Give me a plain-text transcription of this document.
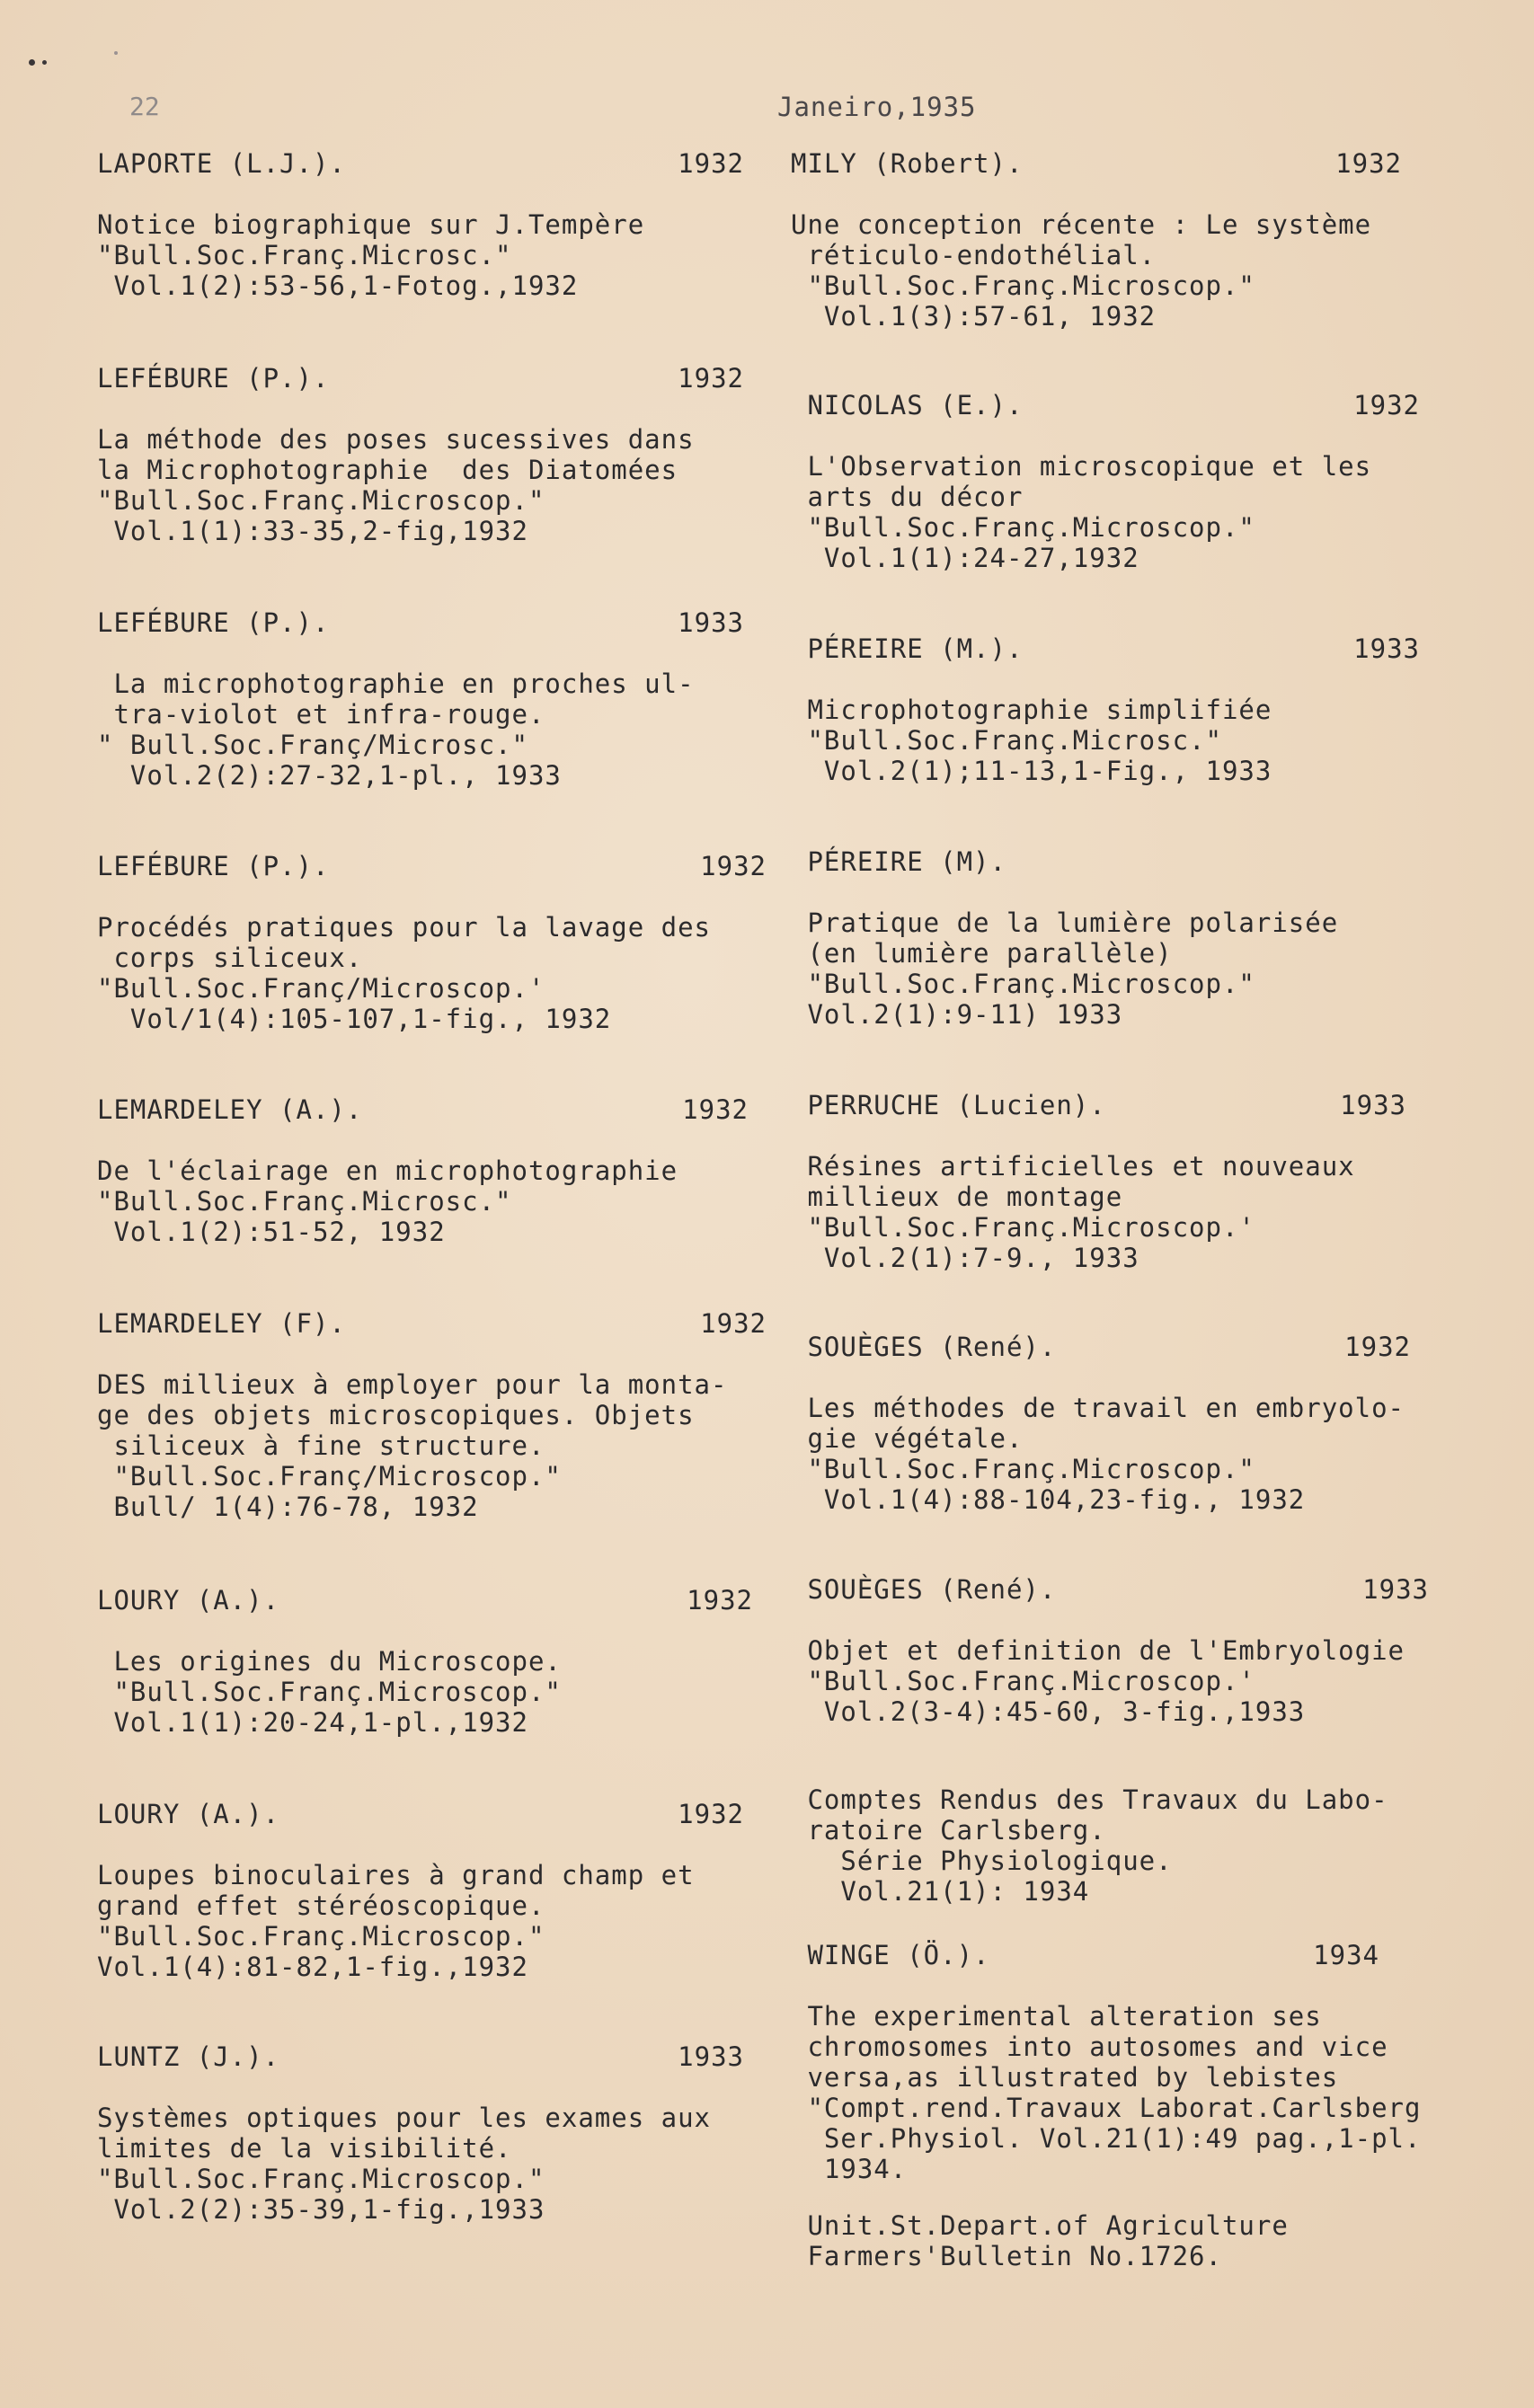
22	Janeiro,1935
LAPORTE (L.J.).	1932
Notice biographique sur J.Tempère
"Bull.Soc.Franç.Microsc."
Vol.1(2):53-56,1-Fotog.,1932
LEFÉBURE (P.).	1932
La méthode des poses sucessives dans
la Microphotographie  des Diatomées
"Bull.Soc.Franç.Microscop."
Vol.1(1):33-35,2-fig,1932
LEFÉBURE (P.).	1933
La microphotographie en proches ul-
tra-violot et infra-rouge.
" Bull.Soc.Franç/Microsc."
Vol.2(2):27-32,1-pl., 1933
LEFÉBURE (P.).	1932
Procédés pratiques pour la lavage des
corps siliceux.
"Bull.Soc.Franç/Microscop.'
Vol/1(4):105-107,1-fig., 1932
LEMARDELEY (A.).	1932
De l'éclairage en microphotographie
"Bull.Soc.Franç.Microsc."
Vol.1(2):51-52, 1932
LEMARDELEY (F).	1932
DES millieux à employer pour la monta-
ge des objets microscopiques. Objets
siliceux à fine structure.
"Bull.Soc.Franç/Microscop."
Bull/ 1(4):76-78, 1932
LOURY (A.).	1932
Les origines du Microscope.
"Bull.Soc.Franç.Microscop."
Vol.1(1):20-24,1-pl.,1932
LOURY (A.).	1932
Loupes binoculaires à grand champ et
grand effet stéréoscopique.
"Bull.Soc.Franç.Microscop."
Vol.1(4):81-82,1-fig.,1932
LUNTZ (J.).	1933
Systèmes optiques pour les exames aux
limites de la visibilité.
"Bull.Soc.Franç.Microscop."
Vol.2(2):35-39,1-fig.,1933
MILY (Robert).	1932
Une conception récente : Le système
réticulo-endothélial.
"Bull.Soc.Franç.Microscop."
Vol.1(3):57-61, 1932
NICOLAS (E.).	1932
L'Observation microscopique et les
arts du décor
"Bull.Soc.Franç.Microscop."
Vol.1(1):24-27,1932
PÉREIRE (M.).	1933
Microphotographie simplifiée
"Bull.Soc.Franç.Microsc."
Vol.2(1);11-13,1-Fig., 1933
PÉREIRE (M).
Pratique de la lumière polarisée
(en lumière parallèle)
"Bull.Soc.Franç.Microscop."
Vol.2(1):9-11) 1933
PERRUCHE (Lucien).	1933
Résines artificielles et nouveaux
millieux de montage
"Bull.Soc.Franç.Microscop.'
Vol.2(1):7-9., 1933
SOUÈGES (René).	1932
Les méthodes de travail en embryolo-
gie végétale.
"Bull.Soc.Franç.Microscop."
Vol.1(4):88-104,23-fig., 1932
SOUÈGES (René).	1933
Objet et definition de l'Embryologie
"Bull.Soc.Franç.Microscop.'
Vol.2(3-4):45-60, 3-fig.,1933
Comptes Rendus des Travaux du Labo-
ratoire Carlsberg.
Série Physiologique.
Vol.21(1): 1934
WINGE (Ö.).	1934
The experimental alteration ses
chromosomes into autosomes and vice
versa,as illustrated by lebistes
"Compt.rend.Travaux Laborat.Carlsberg
Ser.Physiol. Vol.21(1):49 pag.,1-pl.
1934.
Unit.St.Depart.of Agriculture
Farmers'Bulletin No.1726.
